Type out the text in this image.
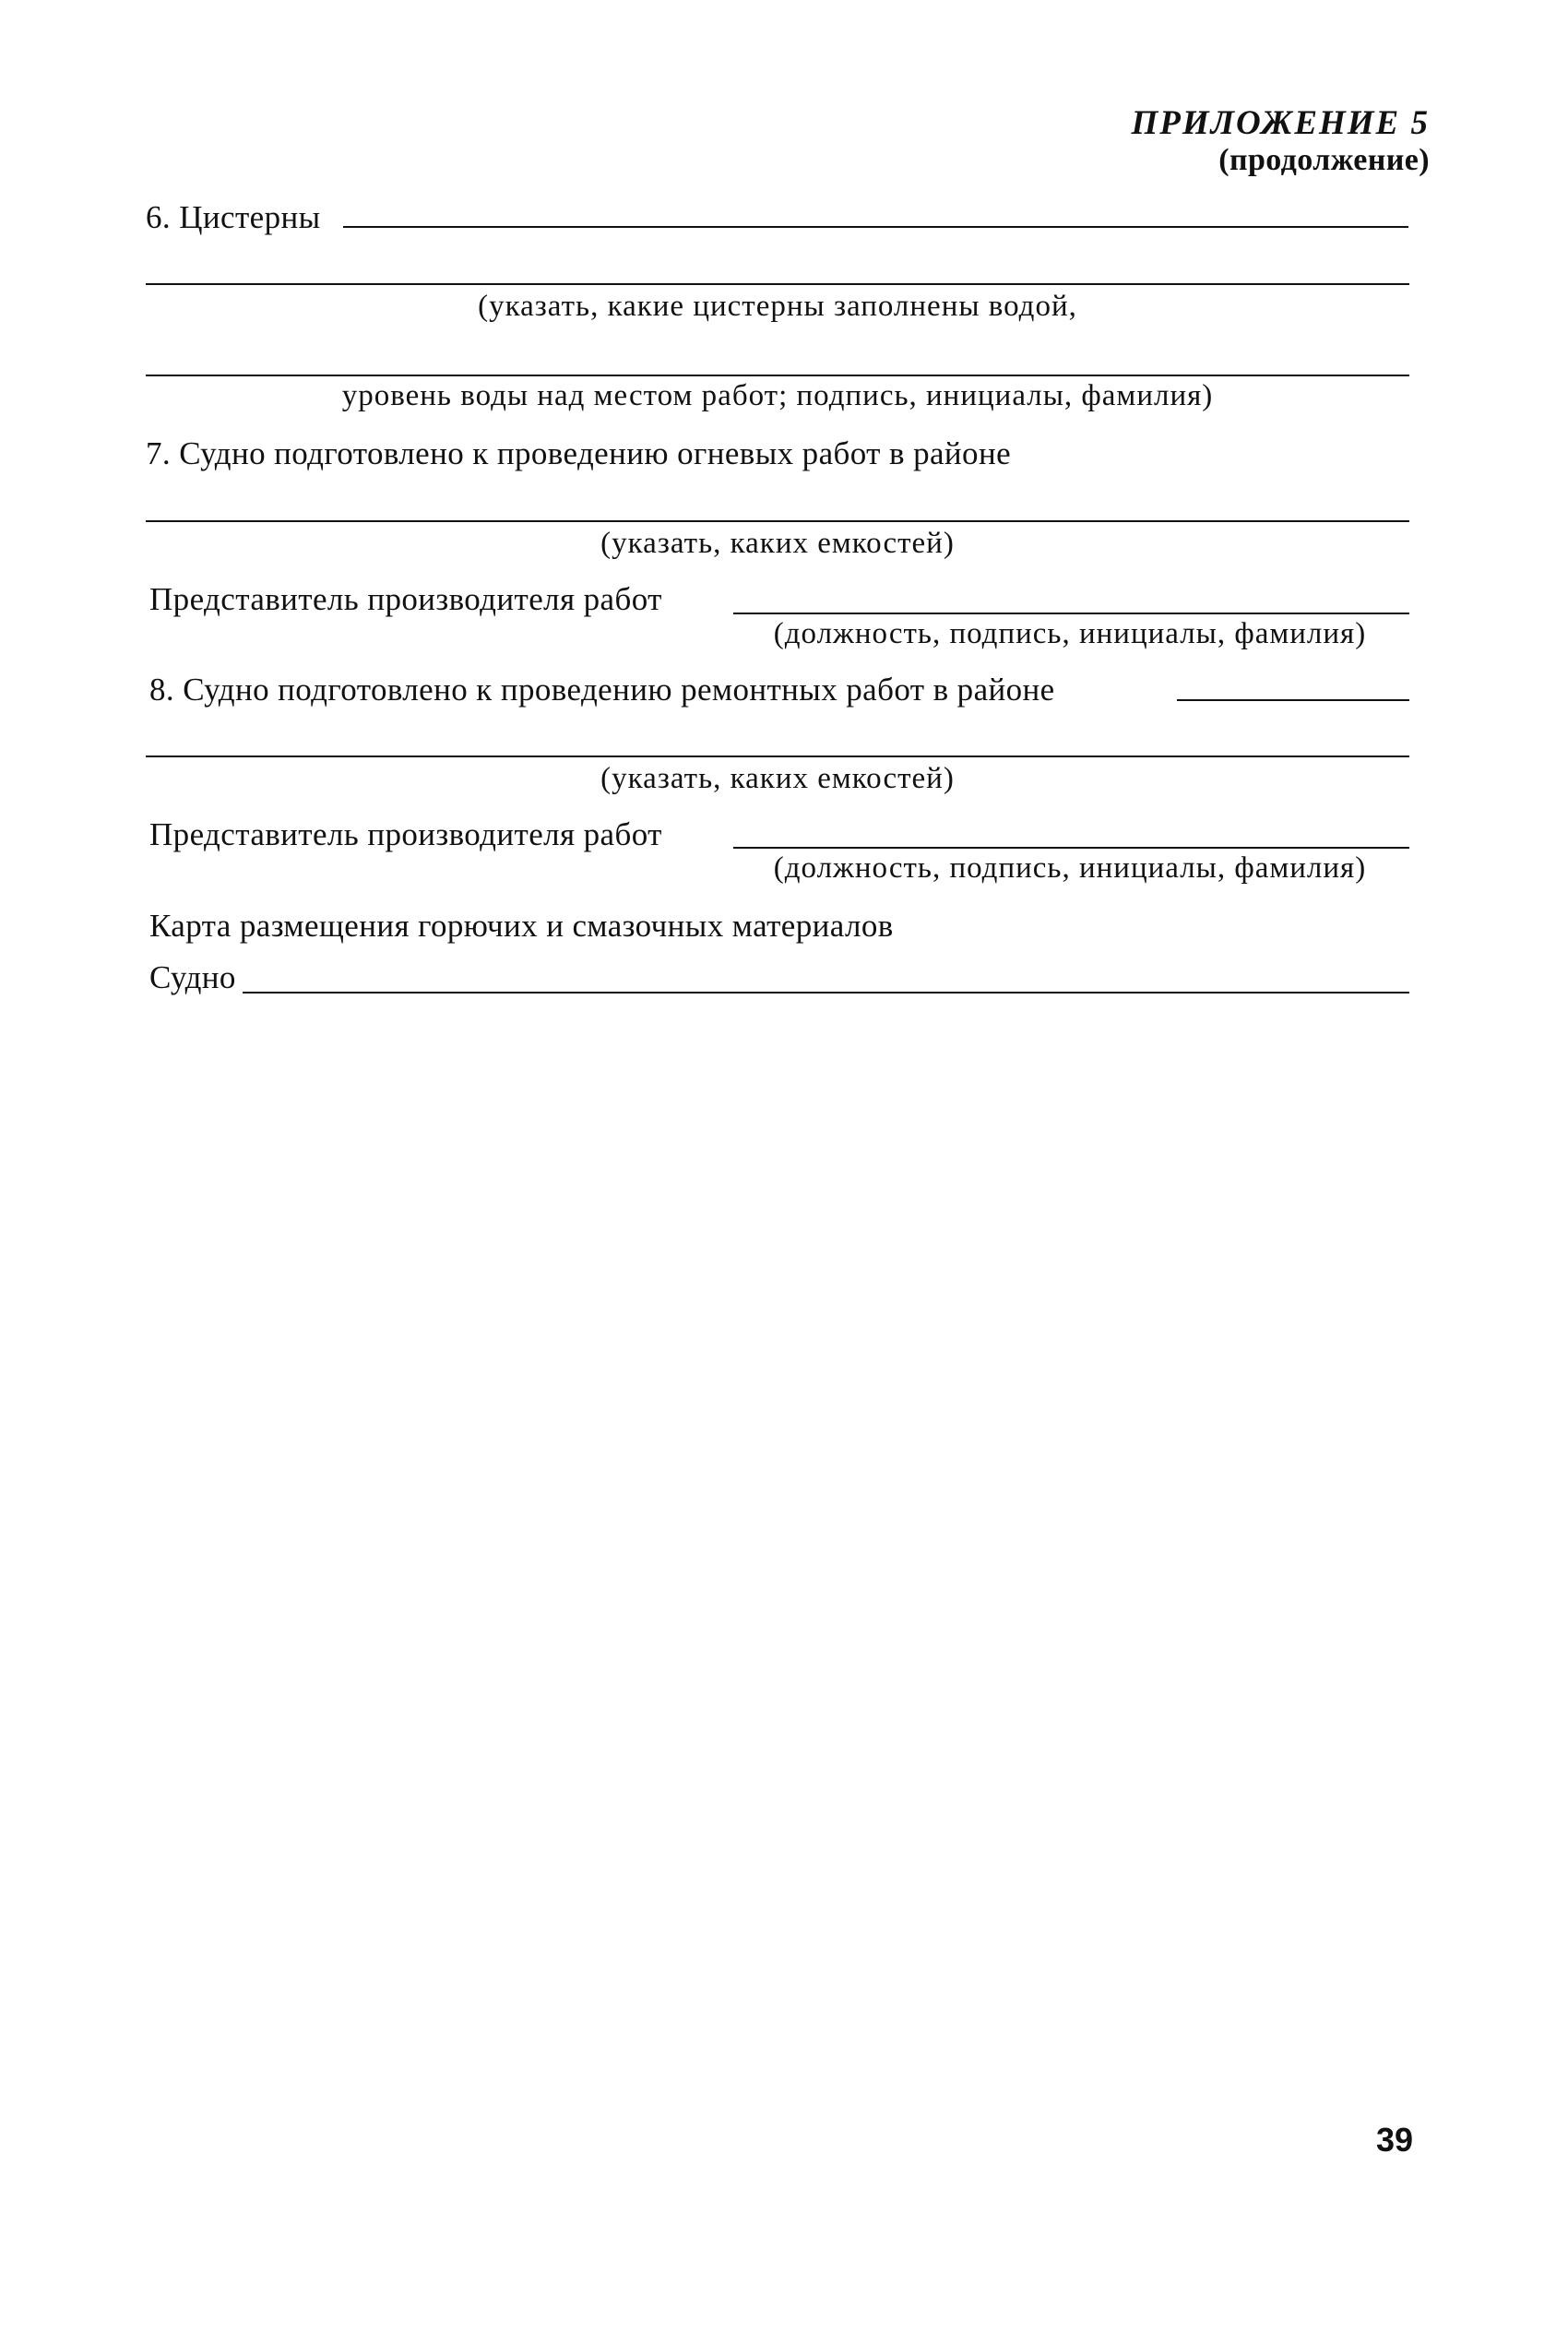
ПРИЛОЖЕНИЕ 5
(продолжение)
6. Цистерны
(указать, какие цистерны заполнены водой,
уровень воды над местом работ; подпись, инициалы, фамилия)
7. Судно подготовлено к проведению огневых работ в районе
(указать, каких емкостей)
Представитель производителя работ
(должность, подпись, инициалы, фамилия)
8. Судно подготовлено к проведению ремонтных работ в районе
(указать, каких емкостей)
Представитель производителя работ
(должность, подпись, инициалы, фамилия)
Карта размещения горючих и смазочных материалов
Судно
39
